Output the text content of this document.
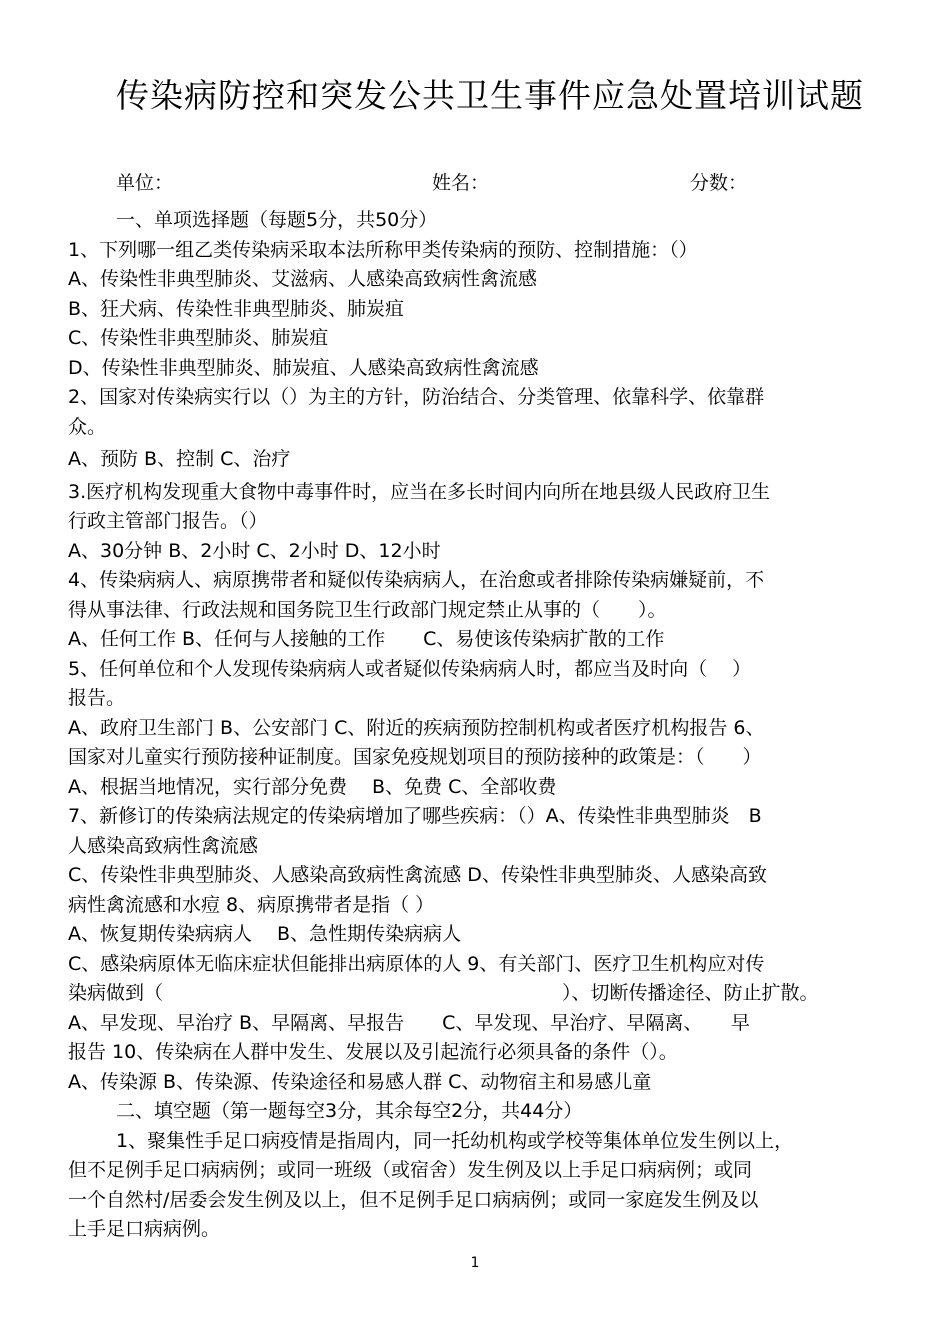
传染病防控和突发公共卫生事件应急处置培训试题
单位：	姓名：	分数：
一、单项选择题（每题5分，共50分）
1、下列哪一组乙类传染病采取本法所称甲类传染病的预防、控制措施：（）
A、传染性非典型肺炎、艾滋病、人感染高致病性禽流感
B、狂犬病、传染性非典型肺炎、肺炭疽
C、传染性非典型肺炎、肺炭疽
D、传染性非典型肺炎、肺炭疽、人感染高致病性禽流感
2、国家对传染病实行以（）为主的方针，防治结合、分类管理、依靠科学、依靠群
众。
A、预防 B、控制 C、治疗
3.医疗机构发现重大食物中毒事件时，应当在多长时间内向所在地县级人民政府卫生
行政主管部门报告。（）
A、30分钟 B、2小时 C、2小时 D、12小时
4、传染病病人、病原携带者和疑似传染病病人，在治愈或者排除传染病嫌疑前，不
得从事法律、行政法规和国务院卫生行政部门规定禁止从事的（　　）。
A、任何工作 B、任何与人接触的工作　　C、易使该传染病扩散的工作
5、任何单位和个人发现传染病病人或者疑似传染病病人时，都应当及时向（　 ）
报告。
A、政府卫生部门 B、公安部门 C、附近的疾病预防控制机构或者医疗机构报告 6、
国家对儿童实行预防接种证制度。国家免疫规划项目的预防接种的政策是：（　　）
A、根据当地情况，实行部分免费　 B、免费 C、全部收费
7、新修订的传染病法规定的传染病增加了哪些疾病：（）A、传染性非典型肺炎　B
人感染高致病性禽流感
C、传染性非典型肺炎、人感染高致病性禽流感 D、传染性非典型肺炎、人感染高致
病性禽流感和水痘 8、病原携带者是指（ ）
A、恢复期传染病病人　 B、急性期传染病病人
C、感染病原体无临床症状但能排出病原体的人 9、有关部门、医疗卫生机构应对传
染病做到（　　　　　　　　　　　　　　　　　　　　　）、切断传播途径、防止扩散。
A、早发现、早治疗 B、早隔离、早报告　　C、早发现、早治疗、早隔离、　　早
报告 10、传染病在人群中发生、发展以及引起流行必须具备的条件（）。
A、传染源 B、传染源、传染途径和易感人群 C、动物宿主和易感儿童
二、填空题（第一题每空3分，其余每空2分，共44分）
1、聚集性手足口病疫情是指周内，同一托幼机构或学校等集体单位发生例以上，
但不足例手足口病病例；或同一班级（或宿舍）发生例及以上手足口病病例；或同
一个自然村/居委会发生例及以上，但不足例手足口病病例；或同一家庭发生例及以
上手足口病病例。
1
